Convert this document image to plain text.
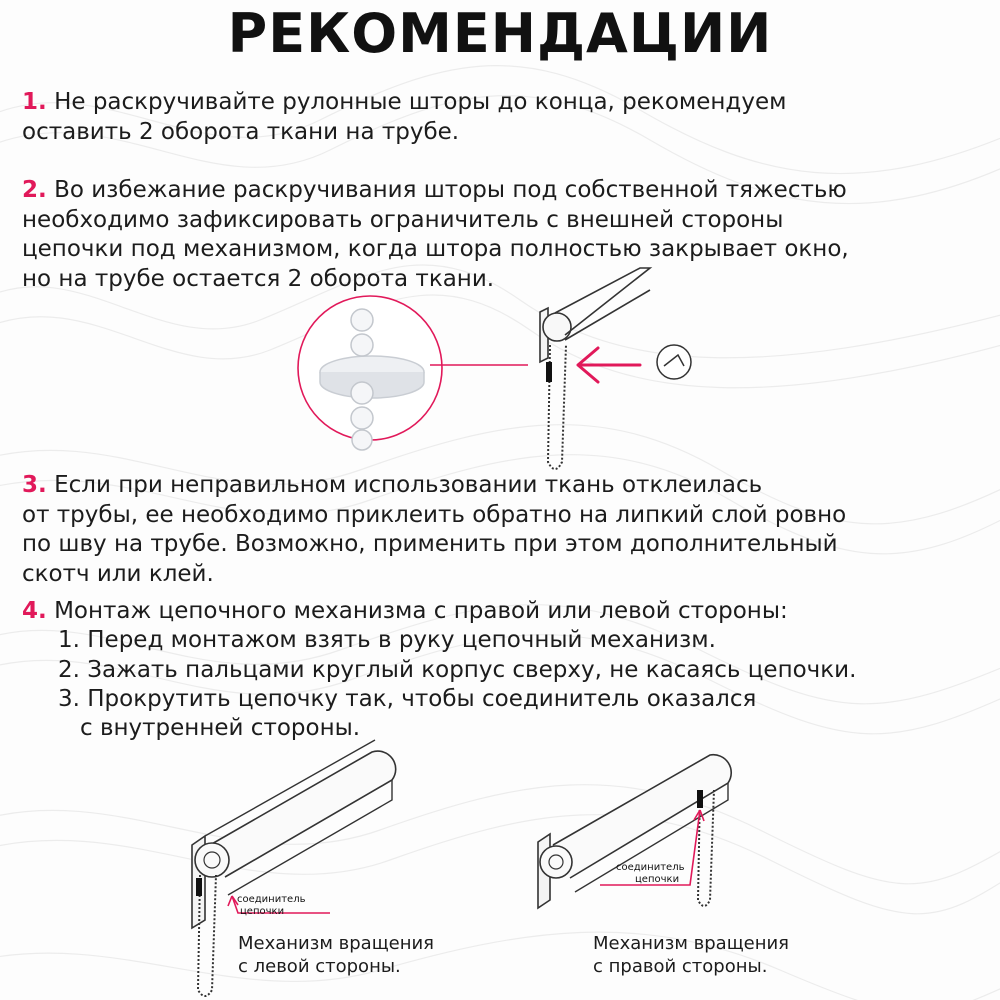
РЕКОМЕНДАЦИИ
1. Не раскручивайте рулонные шторы до конца, рекомендуем
оставить 2 оборота ткани на трубе.
2. Во избежание раскручивания шторы под собственной тяжестью
необходимо зафиксировать ограничитель с внешней стороны
цепочки под механизмом, когда штора полностью закрывает окно,
но на трубе остается 2 оборота ткани.
3. Если при неправильном использовании ткань отклеилась
от трубы, ее необходимо приклеить обратно на липкий слой ровно
по шву на трубе. Возможно, применить при этом дополнительный
скотч или клей.
4. Монтаж цепочного механизма с правой или левой стороны:
1. Перед монтажом взять в руку цепочный механизм.
2. Зажать пальцами круглый корпус сверху, не касаясь цепочки.
3. Прокрутить цепочку так, чтобы соединитель оказался
с внутренней стороны.
соединитель
цепочки
Механизм вращения
с левой стороны.
соединитель
цепочки
Механизм вращения
с правой стороны.
